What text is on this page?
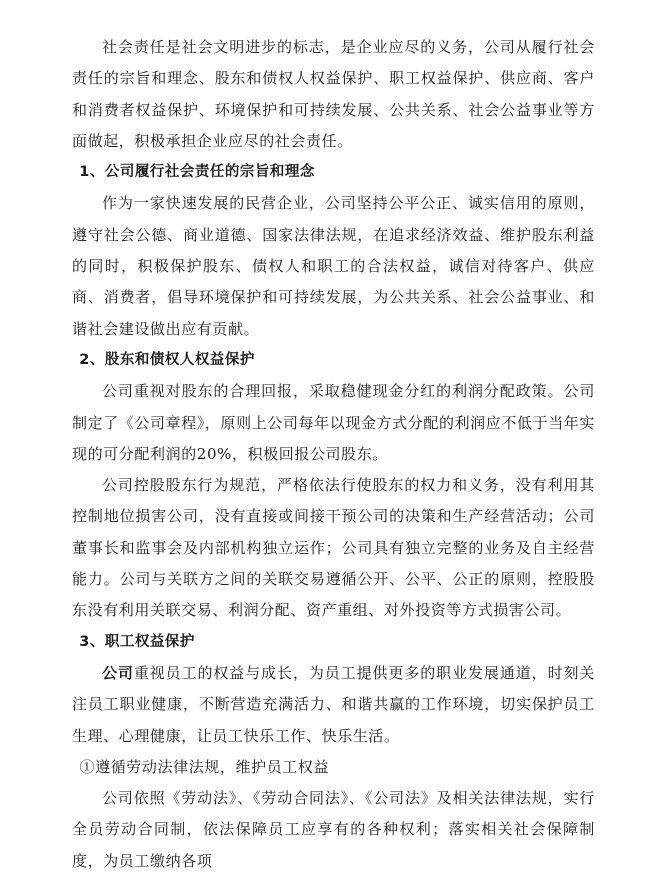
社会责任是社会文明进步的标志，是企业应尽的义务，公司从履行社会责任的宗旨和理念、股东和债权人权益保护、职工权益保护、供应商、客户和消费者权益保护、环境保护和可持续发展、公共关系、社会公益事业等方面做起，积极承担企业应尽的社会责任。

1、公司履行社会责任的宗旨和理念

作为一家快速发展的民营企业，公司坚持公平公正、诚实信用的原则，遵守社会公德、商业道德、国家法律法规，在追求经济效益、维护股东利益的同时，积极保护股东、债权人和职工的合法权益，诚信对待客户、供应商、消费者，倡导环境保护和可持续发展，为公共关系、社会公益事业、和谐社会建设做出应有贡献。

2、股东和债权人权益保护

公司重视对股东的合理回报，采取稳健现金分红的利润分配政策。公司制定了《公司章程》，原则上公司每年以现金方式分配的利润应不低于当年实现的可分配利润的20%，积极回报公司股东。

公司控股股东行为规范，严格依法行使股东的权力和义务，没有利用其控制地位损害公司，没有直接或间接干预公司的决策和生产经营活动；公司董事长和监事会及内部机构独立运作；公司具有独立完整的业务及自主经营能力。公司与关联方之间的关联交易遵循公开、公平、公正的原则，控股股东没有利用关联交易、利润分配、资产重组、对外投资等方式损害公司。

3、职工权益保护

公司重视员工的权益与成长，为员工提供更多的职业发展通道，时刻关注员工职业健康，不断营造充满活力、和谐共赢的工作环境，切实保护员工生理、心理健康，让员工快乐工作、快乐生活。

①遵循劳动法律法规，维护员工权益

公司依照《劳动法》、《劳动合同法》、《公司法》及相关法律法规，实行全员劳动合同制，依法保障员工应享有的各种权利；落实相关社会保障制度，为员工缴纳各项
